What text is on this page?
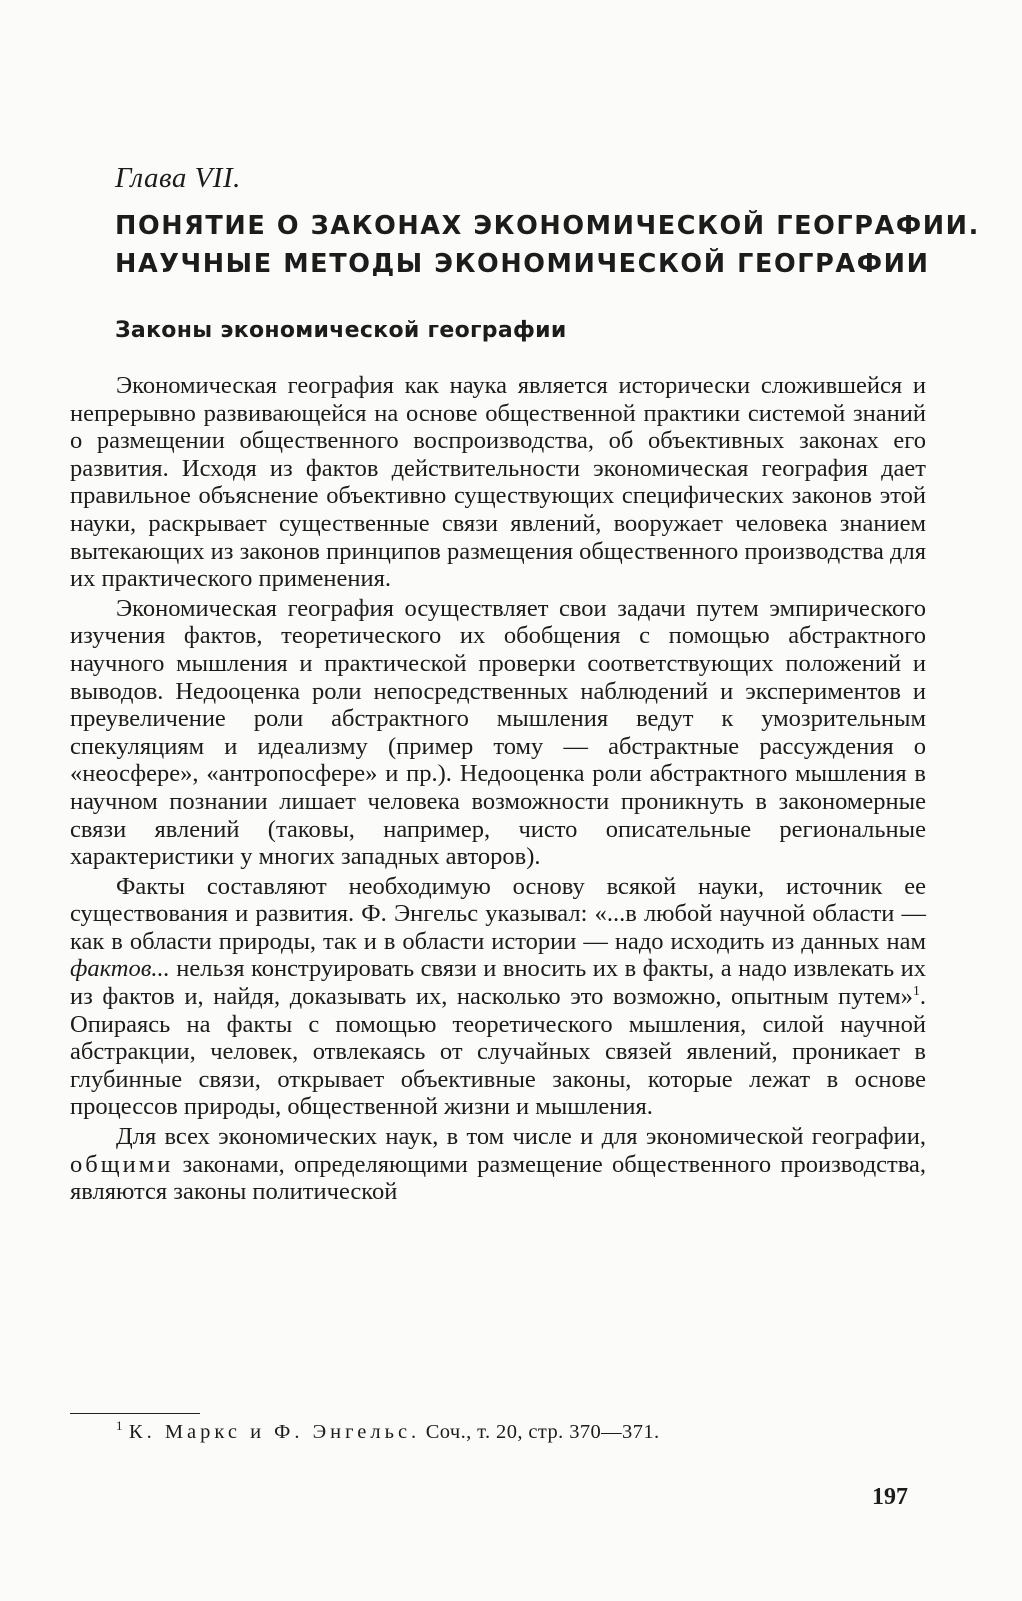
Глава VII.
ПОНЯТИЕ О ЗАКОНАХ ЭКОНОМИЧЕСКОЙ ГЕОГРАФИИ.
НАУЧНЫЕ МЕТОДЫ ЭКОНОМИЧЕСКОЙ ГЕОГРАФИИ
Законы экономической географии

Экономическая география как наука является исторически сложившейся и непрерывно развивающейся на основе общественной практики системой знаний о размещении общественного воспроизводства, об объективных законах его развития. Исходя из фактов действительности экономическая география дает правильное объяснение объективно существующих специфических законов этой науки, раскрывает существенные связи явлений, вооружает человека знанием вытекающих из законов принципов размещения общественного производства для их практического применения.

Экономическая география осуществляет свои задачи путем эмпирического изучения фактов, теоретического их обобщения с помощью абстрактного научного мышления и практической проверки соответствующих положений и выводов. Недооценка роли непосредственных наблюдений и экспериментов и преувеличение роли абстрактного мышления ведут к умозрительным спекуляциям и идеализму (пример тому — абстрактные рассуждения о «неосфере», «антропосфере» и пр.). Недооценка роли абстрактного мышления в научном познании лишает человека возможности проникнуть в закономерные связи явлений (таковы, например, чисто описательные региональные характеристики у многих западных авторов).

Факты составляют необходимую основу всякой науки, источник ее существования и развития. Ф. Энгельс указывал: «...в любой научной области — как в области природы, так и в области истории — надо исходить из данных нам фактов... нельзя конструировать связи и вносить их в факты, а надо извлекать их из фактов и, найдя, доказывать их, насколько это возможно, опытным путем»$^1$. Опираясь на факты с помощью теоретического мышления, силой научной абстракции, человек, отвлекаясь от случайных связей явлений, проникает в глубинные связи, открывает объективные законы, которые лежат в основе процессов природы, общественной жизни и мышления.

Для всех экономических наук, в том числе и для экономической географии, общими законами, определяющими размещение общественного производства, являются законы политической

$^1$ К. Маркс и Ф. Энгельс. Соч., т. 20, стр. 370—371.
197
